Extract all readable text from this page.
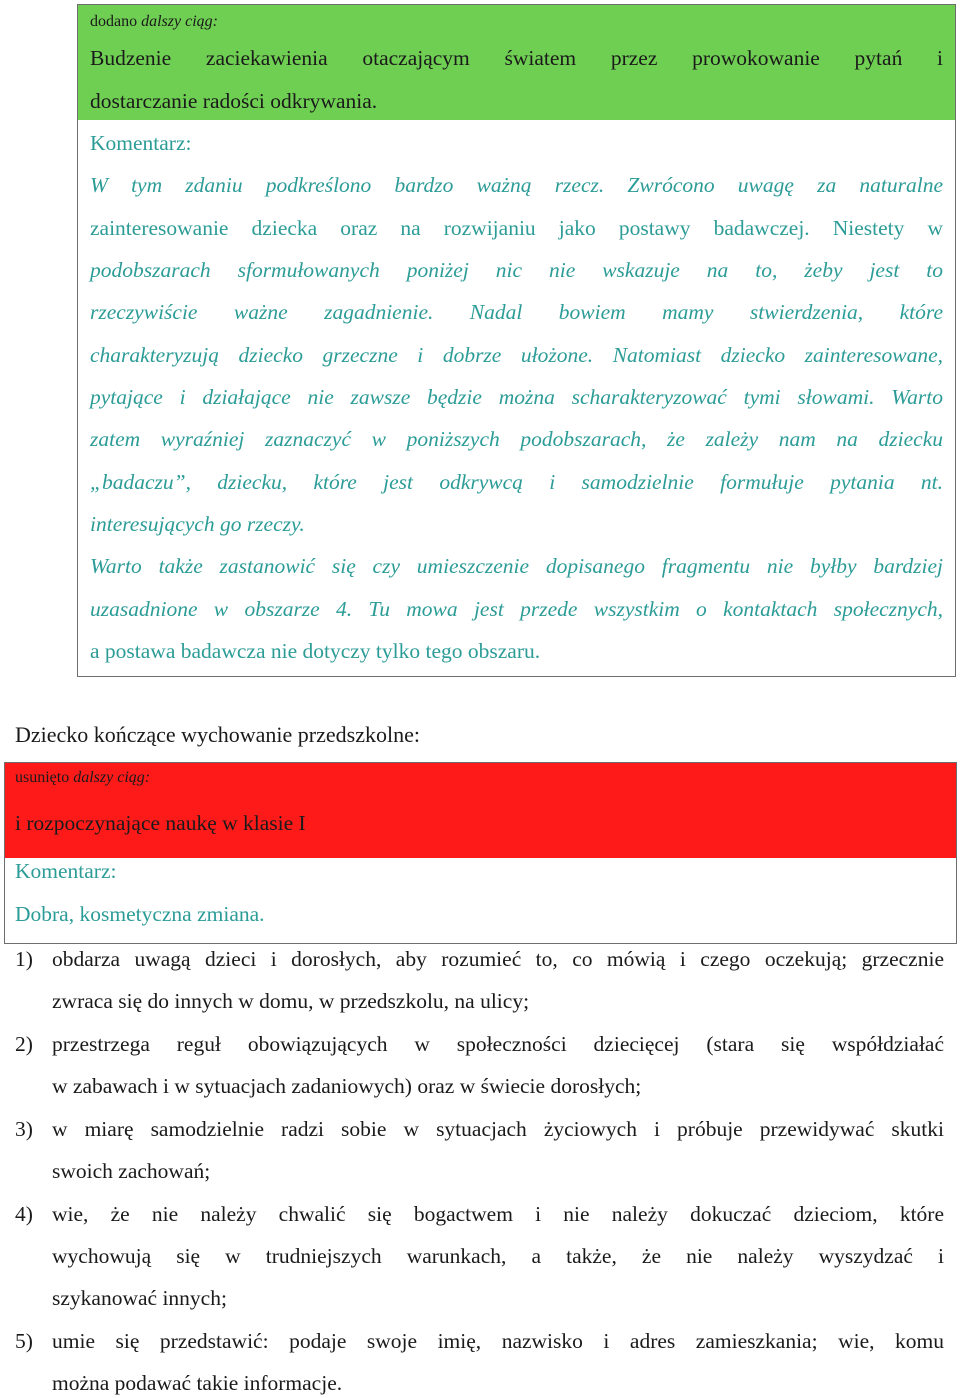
dodano dalszy ciąg:
Budzenie zaciekawienia otaczającym światem przez prowokowanie pytań i
dostarczanie radości odkrywania.
Komentarz:
W tym zdaniu podkreślono bardzo ważną rzecz. Zwrócono uwagę za naturalne
zainteresowanie dziecka oraz na rozwijaniu jako postawy badawczej. Niestety w
podobszarach sformułowanych poniżej nic nie wskazuje na to, żeby jest to
rzeczywiście ważne zagadnienie. Nadal bowiem mamy stwierdzenia, które
charakteryzują dziecko grzeczne i dobrze ułożone. Natomiast dziecko zainteresowane,
pytające i działające nie zawsze będzie można scharakteryzować tymi słowami. Warto
zatem wyraźniej zaznaczyć w poniższych podobszarach, że zależy nam na dziecku
„badaczu”, dziecku, które jest odkrywcą i samodzielnie formułuje pytania nt.
interesujących go rzeczy.
Warto także zastanowić się czy umieszczenie dopisanego fragmentu nie byłby bardziej
uzasadnione w obszarze 4. Tu mowa jest przede wszystkim o kontaktach społecznych,
a postawa badawcza nie dotyczy tylko tego obszaru.
Dziecko kończące wychowanie przedszkolne:
usunięto dalszy ciąg:
i rozpoczynające naukę w klasie I
Komentarz:
Dobra, kosmetyczna zmiana.
1) obdarza uwagą dzieci i dorosłych, aby rozumieć to, co mówią i czego oczekują; grzecznie
zwraca się do innych w domu, w przedszkolu, na ulicy;
2) przestrzega reguł obowiązujących w społeczności dziecięcej (stara się współdziałać
w zabawach i w sytuacjach zadaniowych) oraz w świecie dorosłych;
3) w miarę samodzielnie radzi sobie w sytuacjach życiowych i próbuje przewidywać skutki
swoich zachowań;
4) wie, że nie należy chwalić się bogactwem i nie należy dokuczać dzieciom, które
wychowują się w trudniejszych warunkach, a także, że nie należy wyszydzać i
szykanować innych;
5) umie się przedstawić: podaje swoje imię, nazwisko i adres zamieszkania; wie, komu
można podawać takie informacje.
